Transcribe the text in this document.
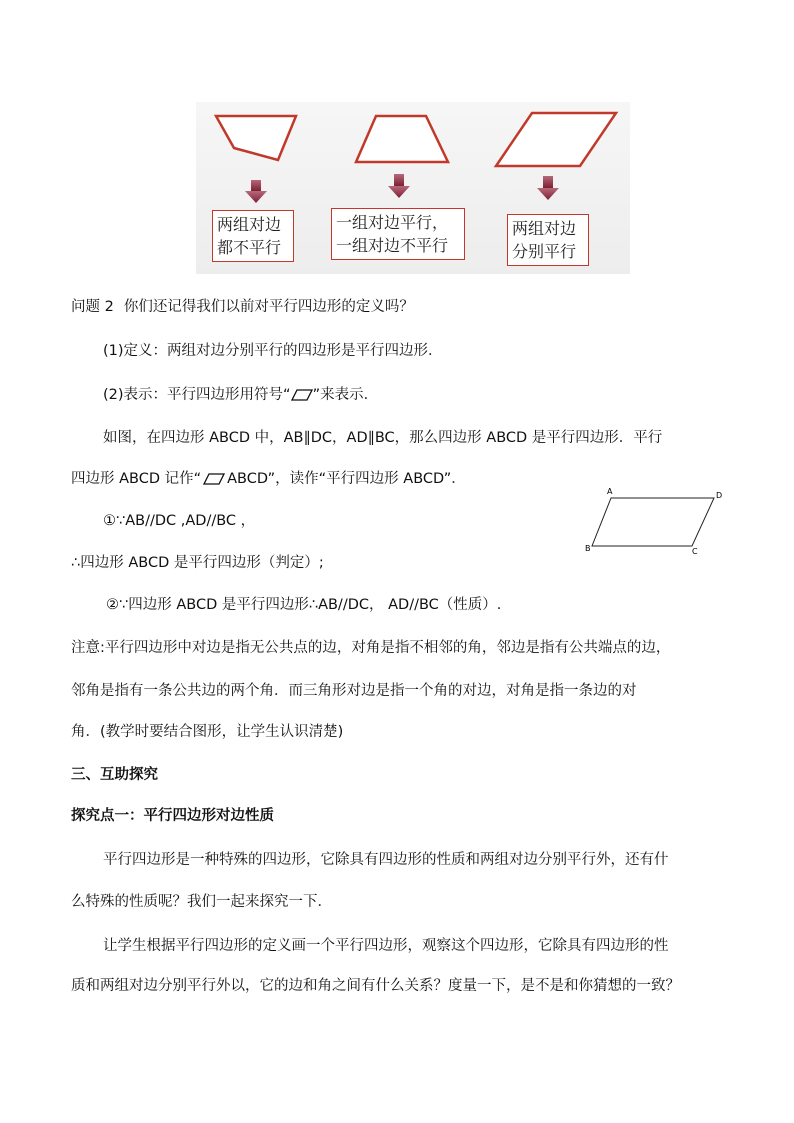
两组对边
都不平行
一组对边平行，
一组对边不平行
两组对边
分别平行
问题 2 你们还记得我们以前对平行四边形的定义吗？
(1)定义：两组对边分别平行的四边形是平行四边形．
(2)表示：平行四边形用符号“ ”来表示．
如图，在四边形 ABCD 中，AB∥DC，AD∥BC，那么四边形 ABCD 是平行四边形．平行
四边形 ABCD 记作“ ABCD”，读作“平行四边形 ABCD”．
①∵AB//DC ,AD//BC ，
∴四边形 ABCD 是平行四边形（判定）;
②∵四边形 ABCD 是平行四边形∴AB//DC， AD//BC（性质）.
A	D
B	C
注意:平行四边形中对边是指无公共点的边，对角是指不相邻的角，邻边是指有公共端点的边，
邻角是指有一条公共边的两个角．而三角形对边是指一个角的对边，对角是指一条边的对
角．(教学时要结合图形，让学生认识清楚)
三、互助探究
探究点一：平行四边形对边性质
平行四边形是一种特殊的四边形，它除具有四边形的性质和两组对边分别平行外，还有什
么特殊的性质呢？我们一起来探究一下．
让学生根据平行四边形的定义画一个平行四边形，观察这个四边形，它除具有四边形的性
质和两组对边分别平行外以，它的边和角之间有什么关系？度量一下，是不是和你猜想的一致？
